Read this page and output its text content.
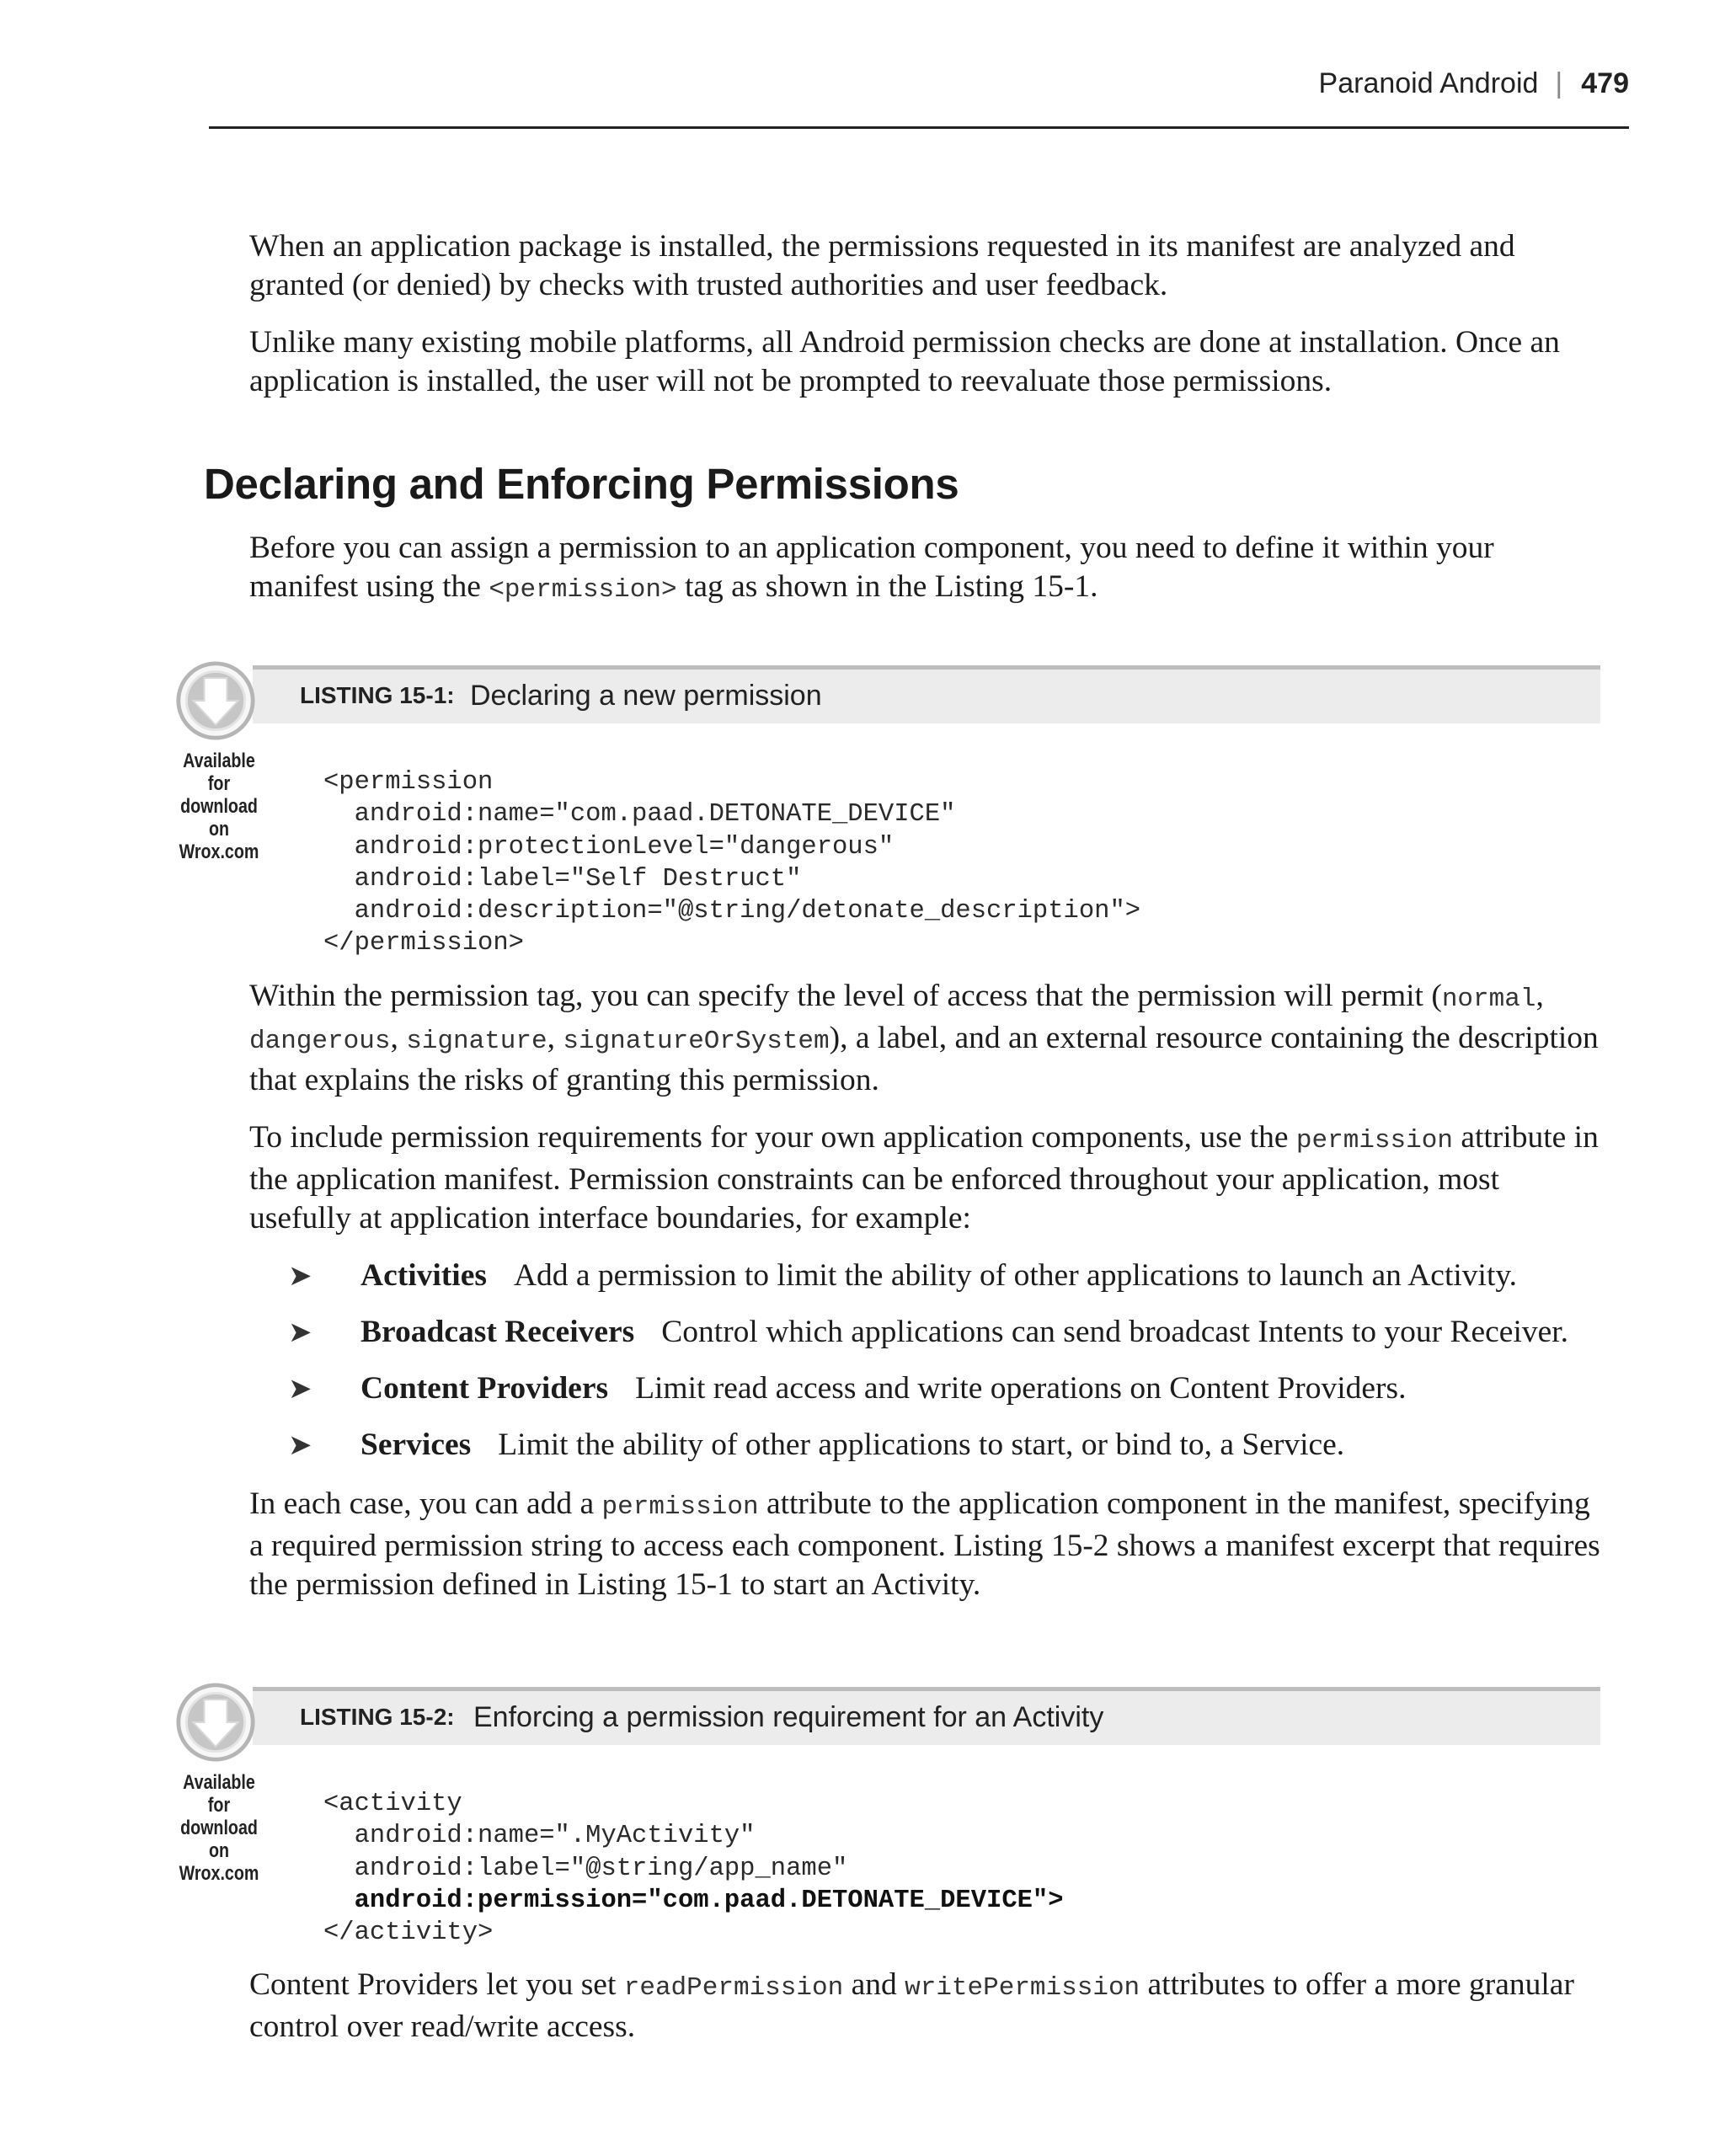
Paranoid Android | 479

When an application package is installed, the permissions requested in its manifest are analyzed and granted (or denied) by checks with trusted authorities and user feedback.

Unlike many existing mobile platforms, all Android permission checks are done at installation. Once an application is installed, the user will not be prompted to reevaluate those permissions.

Declaring and Enforcing Permissions

Before you can assign a permission to an application component, you need to define it within your manifest using the <permission> tag as shown in the Listing 15-1.

LISTING 15-1: Declaring a new permission
Available for
download on
Wrox.com
<permission
android:name="com.paad.DETONATE_DEVICE"
android:protectionLevel="dangerous"
android:label="Self Destruct"
android:description="@string/detonate_description">
</permission>

Within the permission tag, you can specify the level of access that the permission will permit (normal, dangerous, signature, signatureOrSystem), a label, and an external resource containing the description that explains the risks of granting this permission.

To include permission requirements for your own application components, use the permission attribute in the application manifest. Permission constraints can be enforced throughout your application, most usefully at application interface boundaries, for example:

➤ Activities Add a permission to limit the ability of other applications to launch an Activity.
➤ Broadcast Receivers Control which applications can send broadcast Intents to your Receiver.
➤ Content Providers Limit read access and write operations on Content Providers.
➤ Services Limit the ability of other applications to start, or bind to, a Service.

In each case, you can add a permission attribute to the application component in the manifest, specifying a required permission string to access each component. Listing 15-2 shows a manifest excerpt that requires the permission defined in Listing 15-1 to start an Activity.

LISTING 15-2: Enforcing a permission requirement for an Activity
Available for
download on
Wrox.com
<activity
android:name=".MyActivity"
android:label="@string/app_name"
android:permission="com.paad.DETONATE_DEVICE">
</activity>

Content Providers let you set readPermission and writePermission attributes to offer a more granular control over read/write access.
